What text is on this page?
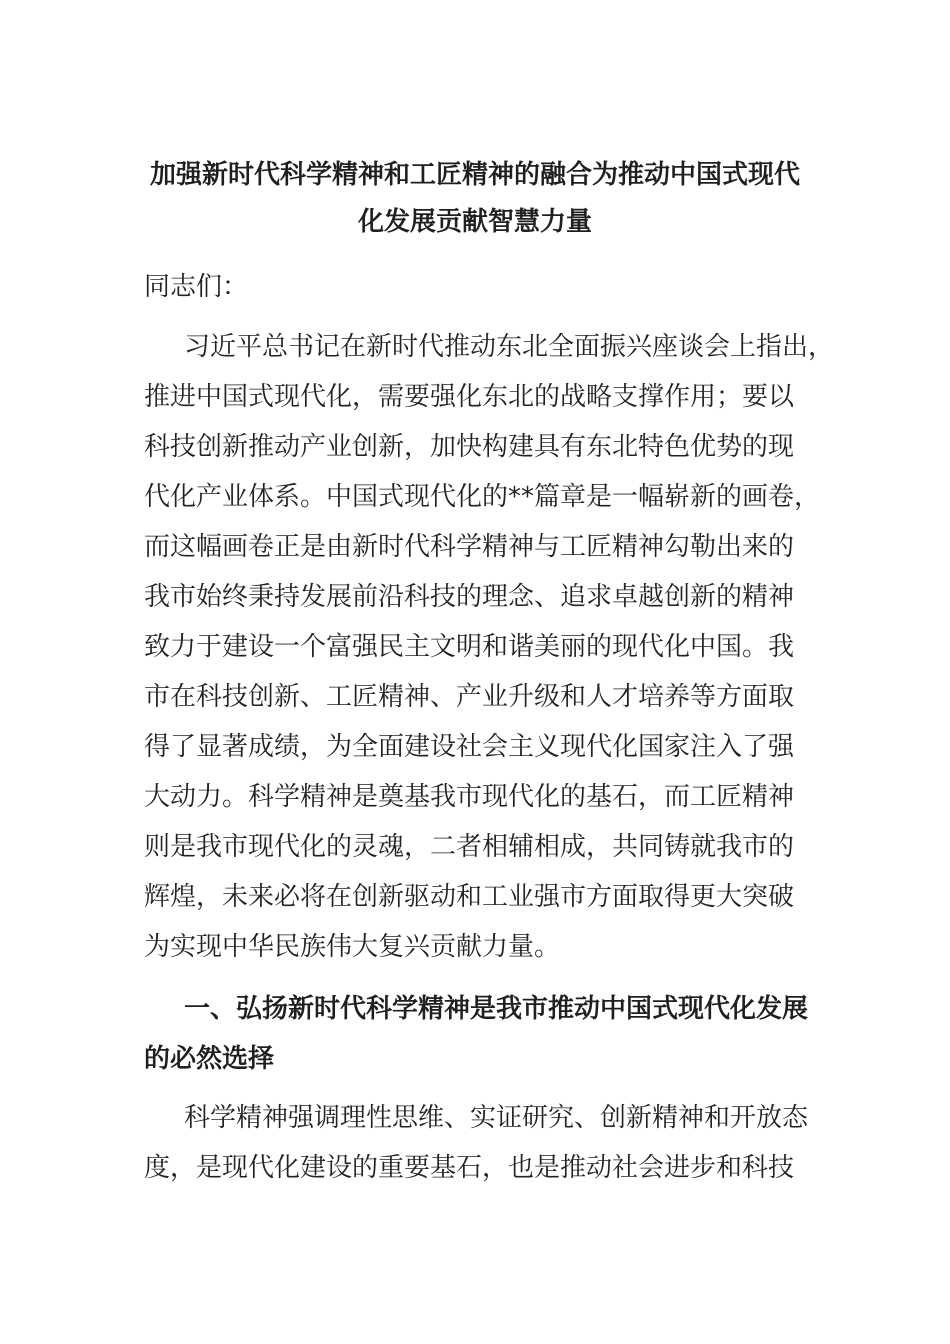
加强新时代科学精神和工匠精神的融合为推动中国式现代
化发展贡献智慧力量
同志们：
习近平总书记在新时代推动东北全面振兴座谈会上指出，
推进中国式现代化，需要强化东北的战略支撑作用；要以
科技创新推动产业创新，加快构建具有东北特色优势的现
代化产业体系。中国式现代化的**篇章是一幅崭新的画卷，
而这幅画卷正是由新时代科学精神与工匠精神勾勒出来的
我市始终秉持发展前沿科技的理念、追求卓越创新的精神
致力于建设一个富强民主文明和谐美丽的现代化中国。我
市在科技创新、工匠精神、产业升级和人才培养等方面取
得了显著成绩，为全面建设社会主义现代化国家注入了强
大动力。科学精神是奠基我市现代化的基石，而工匠精神
则是我市现代化的灵魂，二者相辅相成，共同铸就我市的
辉煌，未来必将在创新驱动和工业强市方面取得更大突破
为实现中华民族伟大复兴贡献力量。
一、弘扬新时代科学精神是我市推动中国式现代化发展
的必然选择
科学精神强调理性思维、实证研究、创新精神和开放态
度，是现代化建设的重要基石，也是推动社会进步和科技
